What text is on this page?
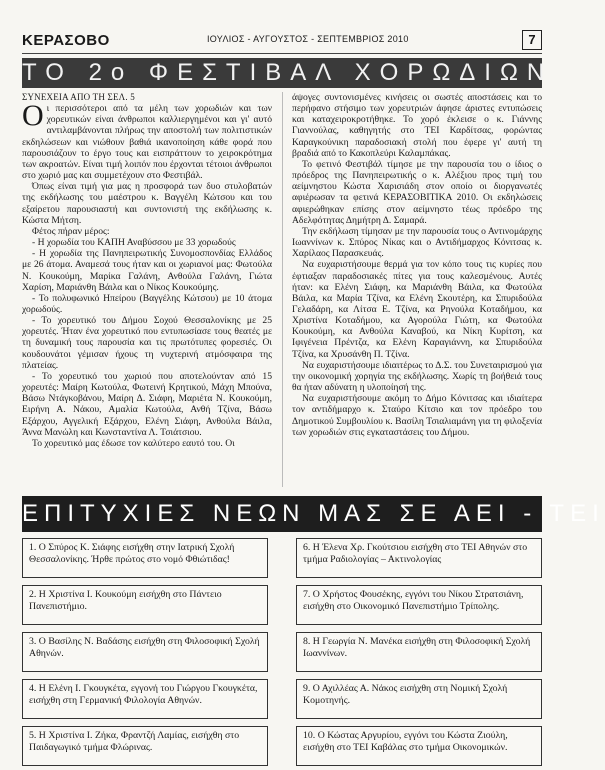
ΚΕΡΑΣΟΒΟ	ΙΟΥΛΙΟΣ - ΑΥΓΟΥΣΤΟΣ - ΣΕΠΤΕΜΒΡΙΟΣ 2010	7
ΤΟ 2ο ΦΕΣΤΙΒΑΛ ΧΟΡΩΔΙΩΝ

ΣΥΝΕΧΕΙΑ ΑΠΟ ΤΗ ΣΕΛ. 5

Οι περισσότεροι από τα μέλη των χορωδιών και των χορευτικών είναι άνθρωποι καλλιεργημένοι και γι' αυτό αντιλαμβάνονται πλήρως την αποστολή των πολιτιστικών εκδηλώσεων και νιώθουν βαθιά ικανοποίηση κάθε φορά που παρουσιάζουν το έργο τους και εισπράττουν το χειροκρότημα των ακροατών. Είναι τιμή λοιπόν που έρχονται τέτοιοι άνθρωποι στο χωριό μας και συμμετέχουν στο Φεστιβάλ.

Όπως είναι τιμή για μας η προσφορά των δυο στυλοβατών της εκδήλωσης του μαέστρου κ. Βαγγέλη Κώτσου και του εξαίρετου παρουσιαστή και συντονιστή της εκδήλωσης κ. Κώστα Μήτση.

Φέτος πήραν μέρος:

- Η χορωδία του ΚΑΠΗ Αναβύσσου με 33 χορωδούς

- Η χορωδία της Πανηπειρωτικής Συνομοσπονδίας Ελλάδος με 26 άτομα. Αναμεσά τους ήταν και οι χωριανοί μας: Φωτούλα Ν. Κουκούμη, Μαρίκα Γαλάνη, Ανθούλα Γαλάνη, Γιώτα Χαρίση, Μαριάνθη Βάιλα και ο Νίκος Κουκούμης.

- Το πολυφωνικό Ηπείρου (Βαγγέλης Κώτσου) με 10 άτομα χορωδούς.

- Το χορευτικό του Δήμου Σοχού Θεσσαλονίκης με 25 χορευτές. Ήταν ένα χορευτικό που εντυπωσίασε τους θεατές με τη δυναμική τους παρουσία και τις πρωτότυπες φορεσιές. Οι κουδουνάτοι γέμισαν ήχους τη νυχτερινή ατμόσφαιρα της πλατείας.

- Το χορευτικό του χωριού που αποτελούνταν από 15 χορευτές: Μαίρη Κωτούλα, Φωτεινή Κρητικού, Μάχη Μπούνα, Βάσω Ντάγκοβάνου, Μαίρη Δ. Σιάφη, Μαριέτα Ν. Κουκούμη, Ειρήνη Α. Νάκου, Αμαλία Κωτούλα, Ανθή Τζίνα, Βάσω Εξάρχου, Αγγελική Εξάρχου, Ελένη Σιάφη, Ανθούλα Βάιλα, Άννα Μανώλη και Κωνσταντίνα Λ. Τσιάτσιου.

Το χορευτικό μας έδωσε τον καλύτερο εαυτό του. Οι

άψογες συντονισμένες κινήσεις οι σωστές αποστάσεις και το περήφανο στήσιμο των χορευτριών άφησε άριστες εντυπώσεις και καταχειροκροτήθηκε. Το χορό έκλεισε ο κ. Γιάννης Γιαννούλας, καθηγητής στο ΤΕΙ Καρδίτσας, φορώντας Καραγκούνικη παραδοσιακή στολή που έφερε γι' αυτή τη βραδιά από το Κακοπλεύρι Καλαμπάκας.

Το φετινό Φεστιβάλ τίμησε με την παρουσία του ο ίδιος ο πρόεδρος της Πανηπειρωτικής ο κ. Αλέξιου προς τιμή του αείμνηστου Κώστα Χαρισιάδη στον οποίο οι διοργανωτές αφιέρωσαν τα φετινά ΚΕΡΑΣΟΒΙΤΙΚΑ 2010. Οι εκδηλώσεις αφιερώθηκαν επίσης στον αείμνηστο τέως πρόεδρο της Αδελφότητας Δημήτρη Δ. Σαμαρά.

Την εκδήλωση τίμησαν με την παρουσία τους ο Αντινομάρχης Ιωαννίνων κ. Σπύρος Νίκας και ο Αντιδήμαρχος Κόνιτσας κ. Χαρίλαος Παρασκευάς.

Να ευχαριστήσουμε θερμά για τον κόπο τους τις κυρίες που έφτιαξαν παραδοσιακές πίτες για τους καλεσμένους. Αυτές ήταν: κα Ελένη Σιάφη, κα Μαριάνθη Βάιλα, κα Φωτούλα Βάιλα, κα Μαρία Τζίνα, κα Ελένη Σκουτέρη, κα Σπυριδούλα Γελαδάρη, κα Λίτσα Ε. Τζίνα, κα Ρηνούλα Κοταδήμου, κα Χριστίνα Κοταδήμου, κα Αγορούλα Γιώτη, κα Φωτούλα Κουκούμη, κα Ανθούλα Καναβού, κα Νίκη Κυρίτση, κα Ιφιγένεια Πρέντζα, κα Ελένη Καραγιάννη, κα Σπυριδούλα Τζίνα, κα Χρυσάνθη Π. Τζίνα.

Να ευχαριστήσουμε ιδιαιτέρως το Δ.Σ. του Συνεταιρισμού για την οικονομική χορηγία της εκδήλωσης. Χωρίς τη βοήθειά τους θα ήταν αδύνατη η υλοποίησή της.

Να ευχαριστήσουμε ακόμη το Δήμο Κόνιτσας και ιδιαίτερα τον αντιδήμαρχο κ. Σταύρο Κίτσιο και τον πρόεδρο του Δημοτικού Συμβουλίου κ. Βασίλη Τσιαλιαμάνη για τη φιλοξενία των χορωδιών στις εγκαταστάσεις του Δήμου.

ΕΠΙΤΥΧΙΕΣ ΝΕΩΝ ΜΑΣ ΣΕ ΑΕΙ - ΤΕΙ
1. Ο Σπύρος Κ. Σιάφης εισήχθη στην Ιατρική Σχολή Θεσσαλονίκης. Ήρθε πρώτος στο νομό Φθιώτιδας!
6. Η Έλενα Χρ. Γκούτσιου εισήχθη στο ΤΕΙ Αθηνών στο τμήμα Ραδιολογίας – Ακτινολογίας
2. Η Χριστίνα Ι. Κουκούμη εισήχθη στο Πάντειο Πανεπιστήμιο.
7. Ο Χρήστος Φουσέκης, εγγόνι του Νίκου Στρατσιάνη, εισήχθη στο Οικονομικό Πανεπιστήμιο Τρίπολης.
3. Ο Βασίλης Ν. Βαδάσης εισήχθη στη Φιλοσοφική Σχολή Αθηνών.
8. Η Γεωργία Ν. Μανέκα εισήχθη στη Φιλοσοφική Σχολή Ιωαννίνων.
4. Η Ελένη Ι. Γκουγκέτα, εγγονή του Γιώργου Γκουγκέτα, εισήχθη στη Γερμανική Φιλολογία Αθηνών.
9. Ο Αχιλλέας Α. Νάκος εισήχθη στη Νομική Σχολή Κομοτηνής.
5. Η Χριστίνα Ι. Ζήκα, Φραντζή Λαμίας, εισήχθη στο Παιδαγωγικό τμήμα Φλώρινας.
10. Ο Κώστας Αργυρίου, εγγόνι του Κώστα Ζιούλη, εισήχθη στο ΤΕΙ Καβάλας στο τμήμα Οικονομικών.
